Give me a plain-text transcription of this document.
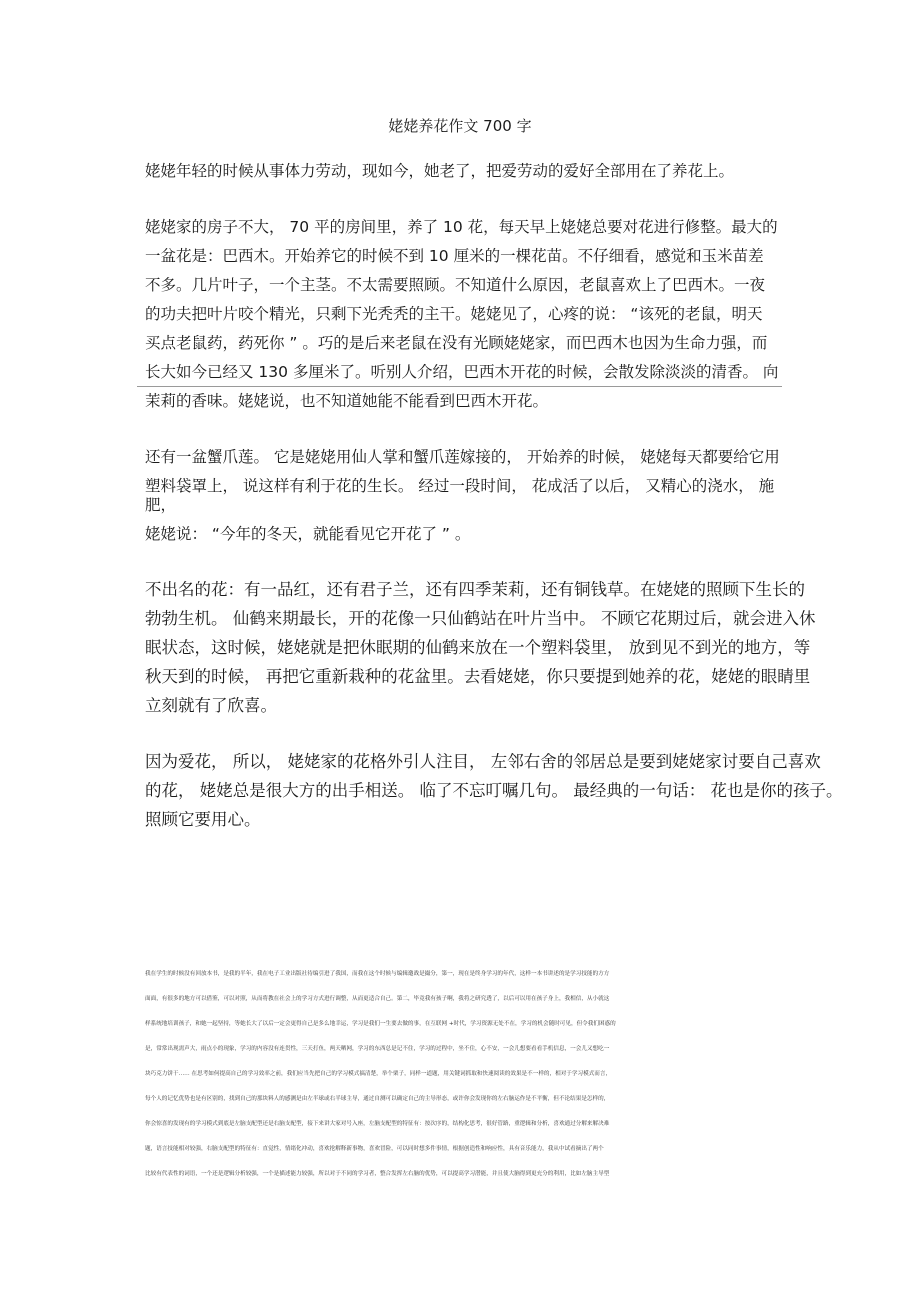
姥姥养花作文 700 字
姥姥年轻的时候从事体力劳动，现如今，她老了，把爱劳动的爱好全部用在了养花上。
姥姥家的房子不大， 70 平的房间里，养了 10 花，每天早上姥姥总要对花进行修整。最大的
一盆花是：巴西木。开始养它的时候不到 10 厘米的一棵花苗。不仔细看，感觉和玉米苗差
不多。几片叶子，一个主茎。不太需要照顾。不知道什么原因，老鼠喜欢上了巴西木。一夜
的功夫把叶片咬个精光，只剩下光秃秃的主干。姥姥见了，心疼的说： “该死的老鼠，明天
买点老鼠药，药死你 ” 。巧的是后来老鼠在没有光顾姥姥家，而巴西木也因为生命力强，而
长大如今已经又 130 多厘米了。听别人介绍，巴西木开花的时候，会散发除淡淡的清香。 向
茉莉的香味。姥姥说，也不知道她能不能看到巴西木开花。
还有一盆蟹爪莲。 它是姥姥用仙人掌和蟹爪莲嫁接的， 开始养的时候， 姥姥每天都要给它用
塑料袋罩上， 说这样有利于花的生长。 经过一段时间， 花成活了以后， 又精心的浇水， 施
肥，
姥姥说： “今年的冬天，就能看见它开花了 ” 。
不出名的花：有一品红，还有君子兰，还有四季茉莉，还有铜钱草。在姥姥的照顾下生长的
勃勃生机。 仙鹤来期最长，开的花像一只仙鹤站在叶片当中。 不顾它花期过后，就会进入休
眠状态，这时候，姥姥就是把休眠期的仙鹤来放在一个塑料袋里， 放到见不到光的地方，等
秋天到的时候， 再把它重新栽种的花盆里。去看姥姥，你只要提到她养的花，姥姥的眼睛里
立刻就有了欣喜。
因为爱花， 所以， 姥姥家的花格外引人注目， 左邻右舍的邻居总是要到姥姥家讨要自己喜欢
的花， 姥姥总是很大方的出手相送。 临了不忘叮嘱几句。 最经典的一句话： 花也是你的孩子。
照顾它要用心。
我在学生的时候没有回放本书，是我的半年，我在电子工业出版社待编引进了我国，而我在这个时候与编辑邀战是撮分，第一，现在是终身学习的年代，这样一本书讲述的是学习技能的方方
面面，有很多的地方可以借鉴，可以对照，从而将教在社会上的学习方式进行调整，从而更适合自己。第二，毕竟我有孩子啊，我将之研究透了，以后可以用在孩子身上，我相信，从小就这
样系统地培训孩子，和她一起坚持，等她长大了以后一定会更得自己是多么地幸运，学习是我们一生要去做的事，在互联网 +时代，学习资源无处不在，学习的机会随时可见，但令我们困惑的
是，常常出现需声大，雨点小的现象，学习的内容没有连贯性，三天打鱼，两天晒网，学习的东西总是记不住，学习的过程中，坐不住，心不安，一会儿想要看看手机信息，一会儿又想吃一
块巧克力饼干…… 在思考如何提高自己的学习效率之前，我们应当先把自己的学习模式搞清楚，举个栗子，同样一道题，用关键词抓取和快速阅读的效果是不一样的，相对于学习模式而言，
每个人的记忆优势也是有区别的，找到自己的那块料人的感测是由左半球或右半球主导，通过自测可以确定自己的主导形态，或许你会发现你的左右脑运作是不平衡，但不论结果是怎样的，
你会惊喜的发现有的学习模式到底是左脑支配型还是右脑支配型，接下来讲大家对号入座，左脑支配型的特征有：按次序的，结构化思考，很好管路，重逻辑和分析，喜欢通过分解来解决难
题，语言技能相对较强，右脑支配型的特征有：直觉性，情绪化冲动，喜欢抢解释新事物，喜欢冒险，可以同时想多件事情，根据创造性和响应性，具有音乐能力，我从中试看摘出了两个
比较有代表性的词语，一个还是逻辑分析较强，一个是描述能力较强，所以对于不同的学习者，整合发挥左右脑的优势，可以提高学习潜能，并且使大脑得到更充分的利用，比如左脑主导型
